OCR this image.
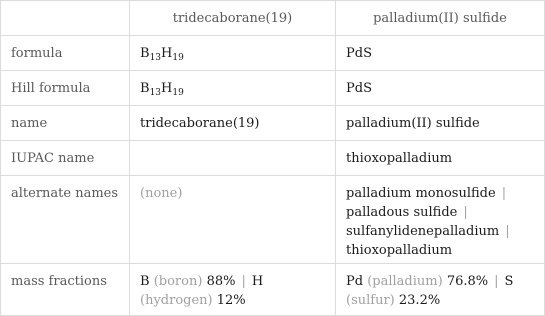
	tridecaborane(19)	palladium(II) sulfide
formula	$B_{13}H_{19}$	PdS
Hill formula	$B_{13}H_{19}$	PdS
name	tridecaborane(19)	palladium(II) sulfide
IUPAC name		thioxopalladium
alternate names	(none)	palladium monosulfide |
palladous sulfide |
sulfanylidenepalladium |
thioxopalladium
mass fractions	B (boron) 88% | H
(hydrogen) 12%	Pd (palladium) 76.8% | S
(sulfur) 23.2%
